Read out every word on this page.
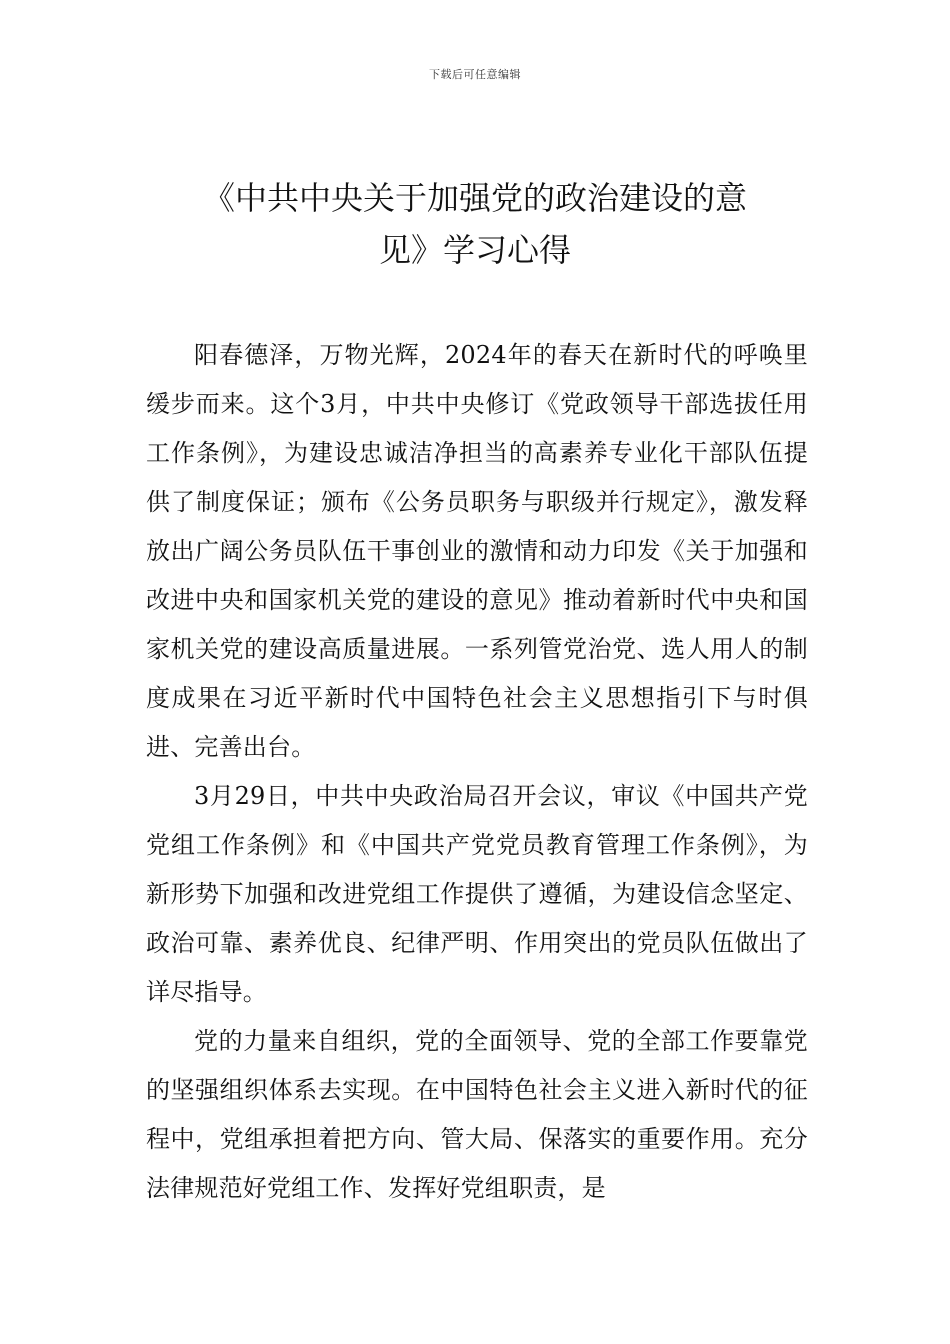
下载后可任意编辑
《中共中央关于加强党的政治建设的意
见》学习心得

阳春德泽，万物光辉，2024年的春天在新时代的呼唤里缓步而来。这个3月，中共中央修订《党政领导干部选拔任用工作条例》，为建设忠诚洁净担当的高素养专业化干部队伍提供了制度保证；颁布《公务员职务与职级并行规定》，激发释放出广阔公务员队伍干事创业的激情和动力印发《关于加强和改进中央和国家机关党的建设的意见》推动着新时代中央和国家机关党的建设高质量进展。一系列管党治党、选人用人的制度成果在习近平新时代中国特色社会主义思想指引下与时俱进、完善出台。

3月29日，中共中央政治局召开会议，审议《中国共产党党组工作条例》和《中国共产党党员教育管理工作条例》，为新形势下加强和改进党组工作提供了遵循，为建设信念坚定、政治可靠、素养优良、纪律严明、作用突出的党员队伍做出了详尽指导。

党的力量来自组织，党的全面领导、党的全部工作要靠党的坚强组织体系去实现。在中国特色社会主义进入新时代的征程中，党组承担着把方向、管大局、保落实的重要作用。充分法律规范好党组工作、发挥好党组职责，是
